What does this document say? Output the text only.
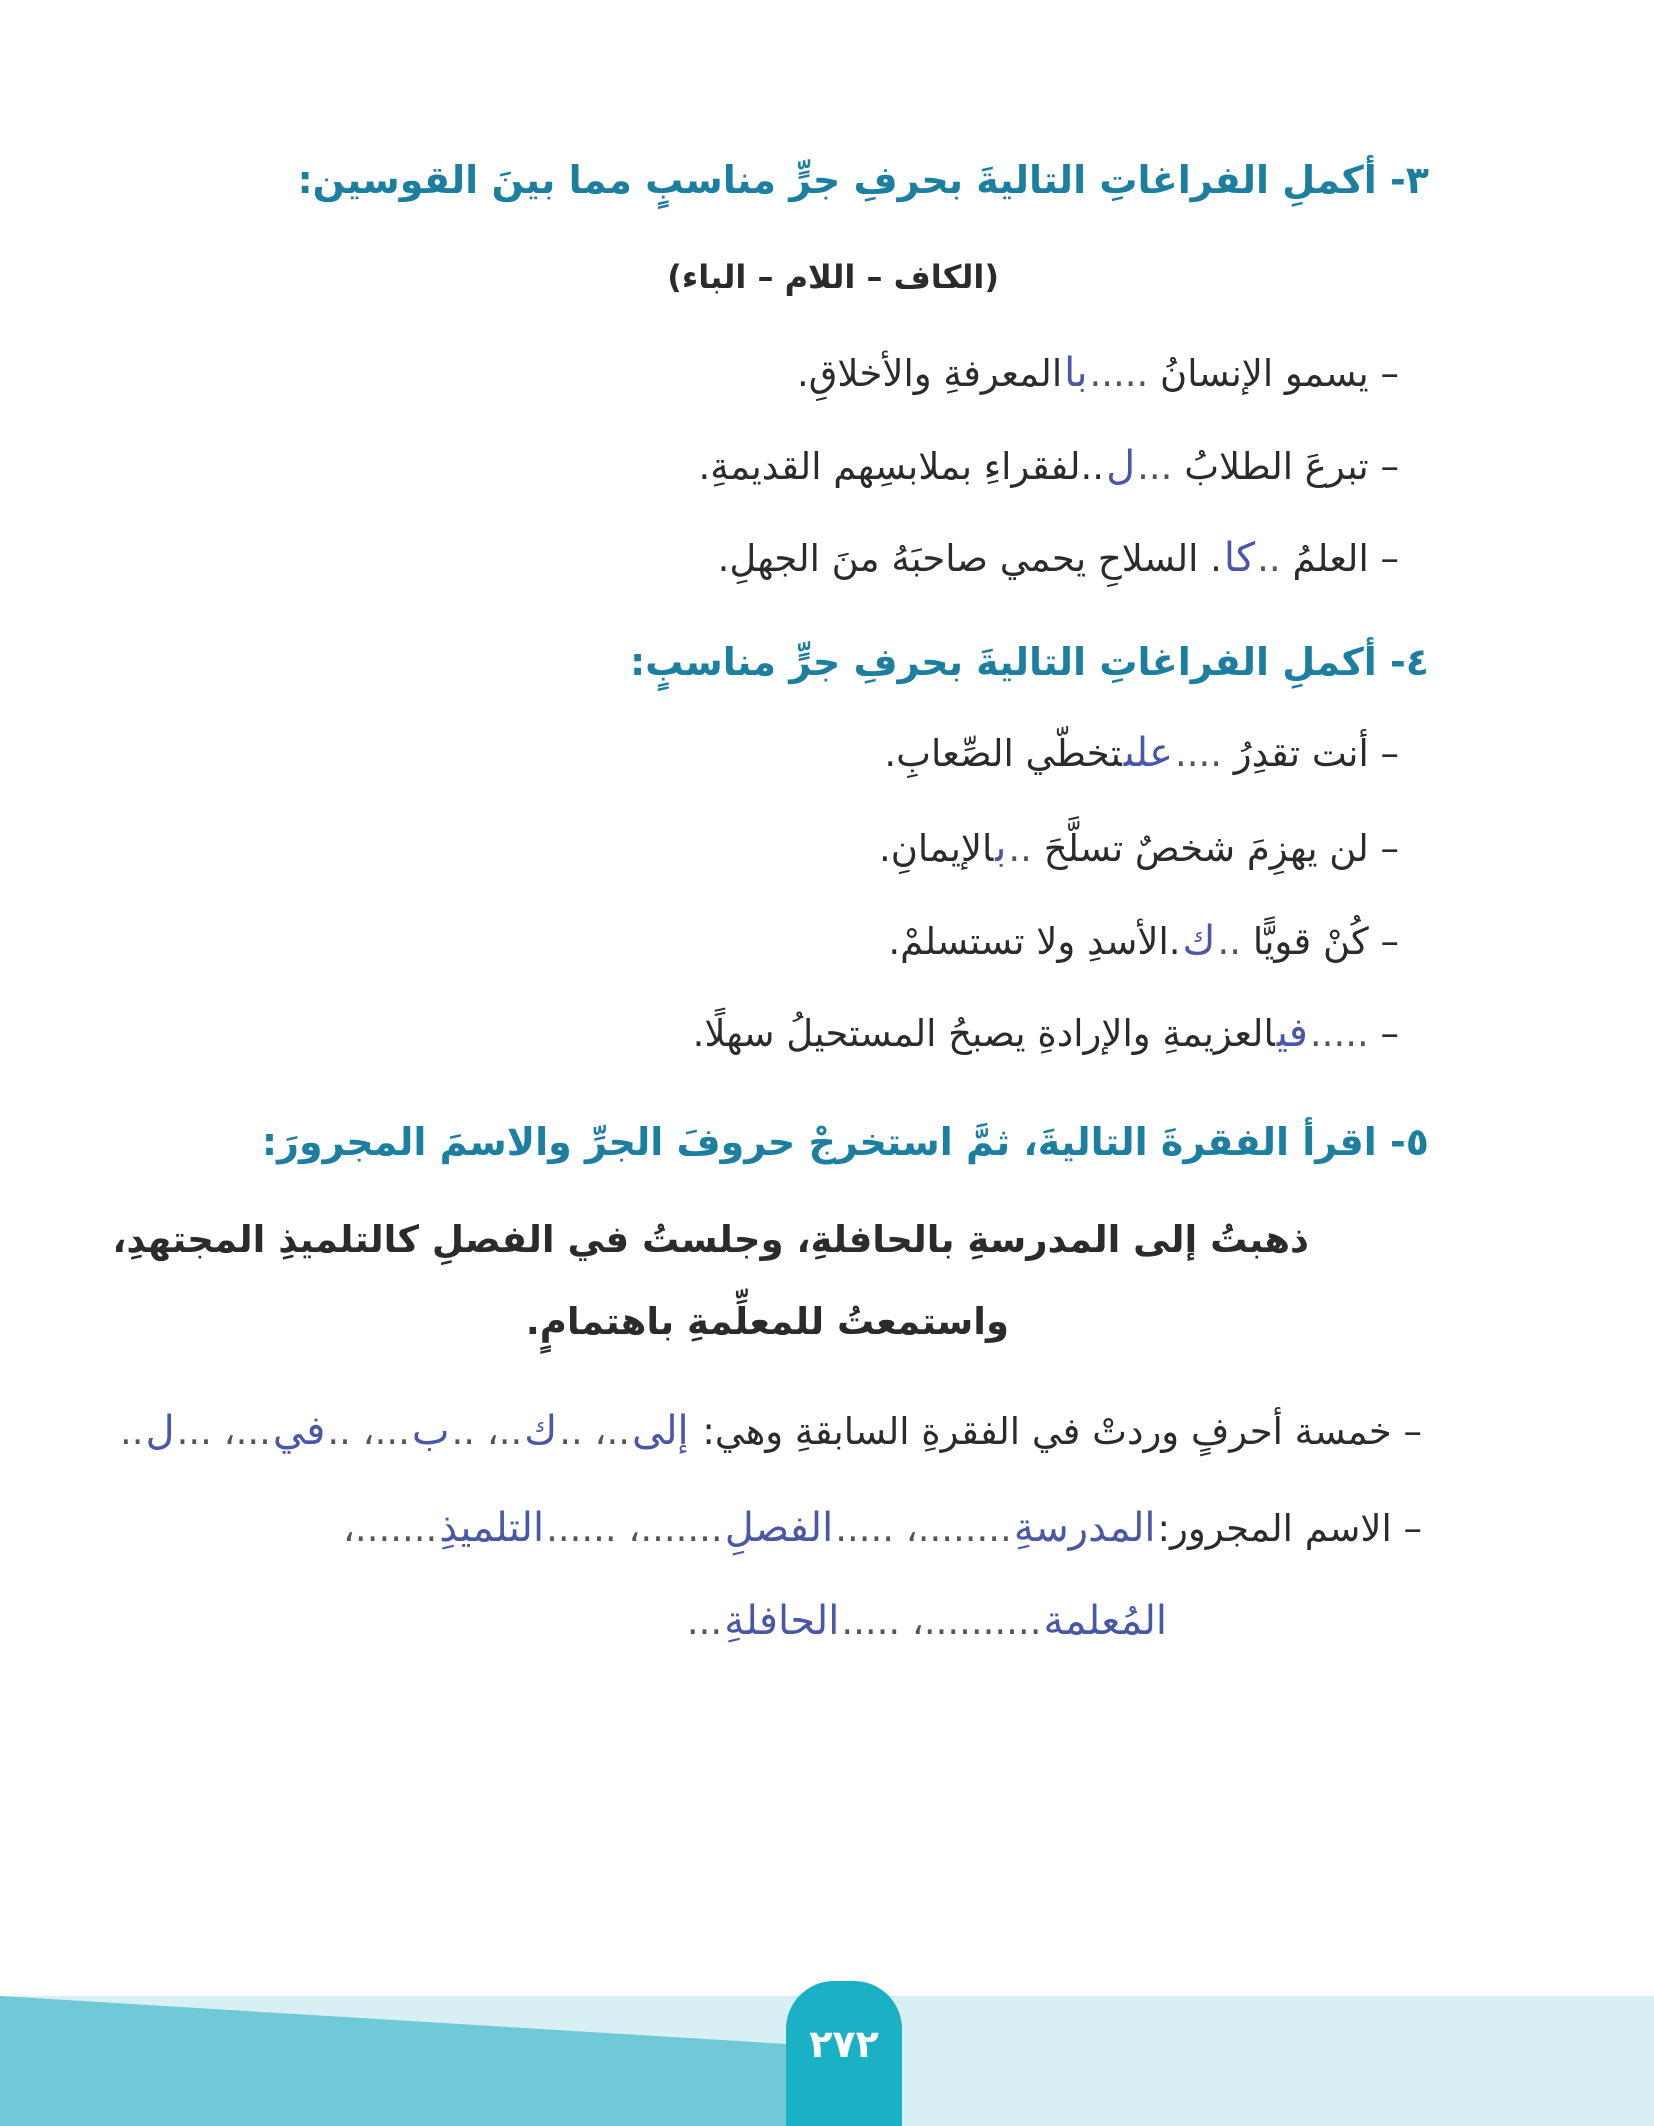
٣- أكملِ الفراغاتِ التاليةَ بحرفِ جرٍّ مناسبٍ مما بينَ القوسين:
(الكاف – اللام – الباء)
– يسمو الإنسانُ .....باالمعرفةِ والأخلاقِ.
– تبرعَ الطلابُ ...ل..لفقراءِ بملابسِهم القديمةِ.
– العلمُ ..كا. السلاحِ يحمي صاحبَهُ منَ الجهلِ.
٤- أكملِ الفراغاتِ التاليةَ بحرفِ جرٍّ مناسبٍ:
– أنت تقدِرُ ....علىتخطّي الصِّعابِ.
– لن يهزِمَ شخصٌ تسلَّحَ ..بالإيمانِ.
– كُنْ قويًّا ..ك.الأسدِ ولا تستسلمْ.
– .....فيالعزيمةِ والإرادةِ يصبحُ المستحيلُ سهلًا.
٥- اقرأ الفقرةَ التاليةَ، ثمَّ استخرجْ حروفَ الجرِّ والاسمَ المجرورَ:
ذهبتُ إلى المدرسةِ بالحافلةِ، وجلستُ في الفصلِ كالتلميذِ المجتهدِ،
واستمعتُ للمعلِّمةِ باهتمامٍ.
– خمسة أحرفٍ وردتْ في الفقرةِ السابقةِ وهي: إلى..، ..ك..، ..ب...، ..في...، ...ل..
– الاسم المجرور:المدرسةِ........، .....الفصلِ.......، ......التلميذِ.......،
المُعلمة..........، .....الحافلةِ...
٢٧٢
